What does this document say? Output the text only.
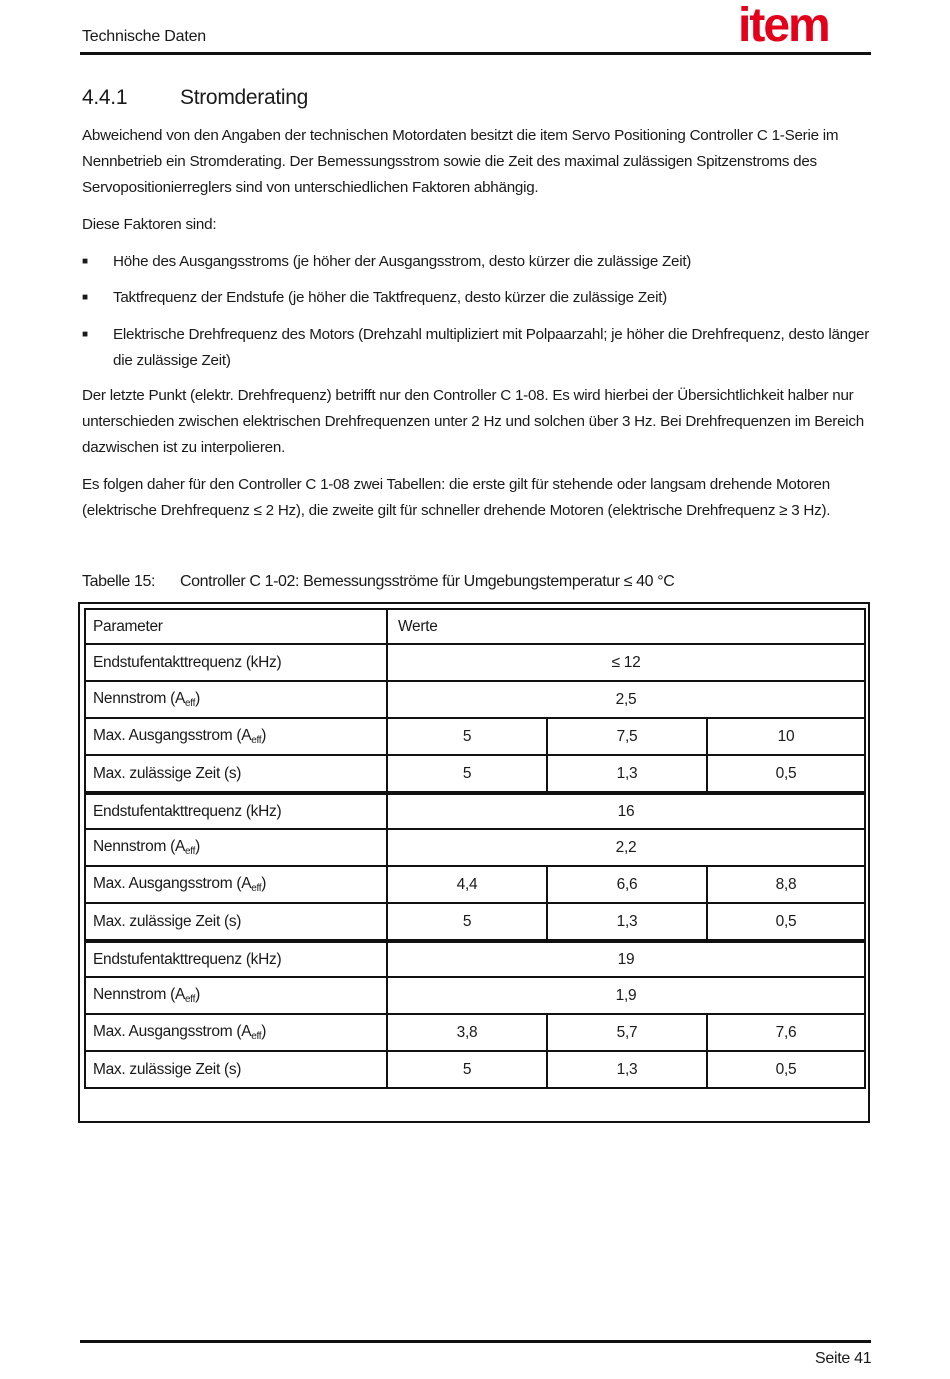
Technische Daten	item
4.4.1	Stromderating

Abweichend von den Angaben der technischen Motordaten besitzt die item Servo Positioning Controller C 1-Serie im Nennbetrieb ein Stromderating. Der Bemessungsstrom sowie die Zeit des maximal zulässigen Spitzenstroms des Servopositionierreglers sind von unterschiedlichen Faktoren abhängig.

Diese Faktoren sind:

■ Höhe des Ausgangsstroms (je höher der Ausgangsstrom, desto kürzer die zulässige Zeit)
■ Taktfrequenz der Endstufe (je höher die Taktfrequenz, desto kürzer die zulässige Zeit)
■ Elektrische Drehfrequenz des Motors (Drehzahl multipliziert mit Polpaarzahl; je höher die Drehfrequenz, desto länger die zulässige Zeit)

Der letzte Punkt (elektr. Drehfrequenz) betrifft nur den Controller C 1-08. Es wird hierbei der Übersichtlichkeit halber nur unterschieden zwischen elektrischen Drehfrequenzen unter 2 Hz und solchen über 3 Hz. Bei Drehfrequenzen im Bereich dazwischen ist zu interpolieren.

Es folgen daher für den Controller C 1-08 zwei Tabellen: die erste gilt für stehende oder langsam drehende Motoren (elektrische Drehfrequenz ≤ 2 Hz), die zweite gilt für schneller drehende Motoren (elektrische Drehfrequenz ≥ 3 Hz).

Tabelle 15: Controller C 1-02: Bemessungsströme für Umgebungstemperatur ≤ 40 °C
Parameter	Werte		
Endstufentakttrequenz (kHz)	≤ 12		
Nennstrom $(A_{eff})$	2,5		
Max. Ausgangsstrom $(A_{eff})$	5	7,5	10
Max. zulässige Zeit (s)	5	1,3	0,5
Endstufentakttrequenz (kHz)	16		
Nennstrom $(A_{eff})$	2,2		
Max. Ausgangsstrom $(A_{eff})$	4,4	6,6	8,8
Max. zulässige Zeit (s)	5	1,3	0,5
Endstufentakttrequenz (kHz)	19		
Nennstrom $(A_{eff})$	1,9		
Max. Ausgangsstrom $(A_{eff})$	3,8	5,7	7,6
Max. zulässige Zeit (s)	5	1,3	0,5
Seite 41
